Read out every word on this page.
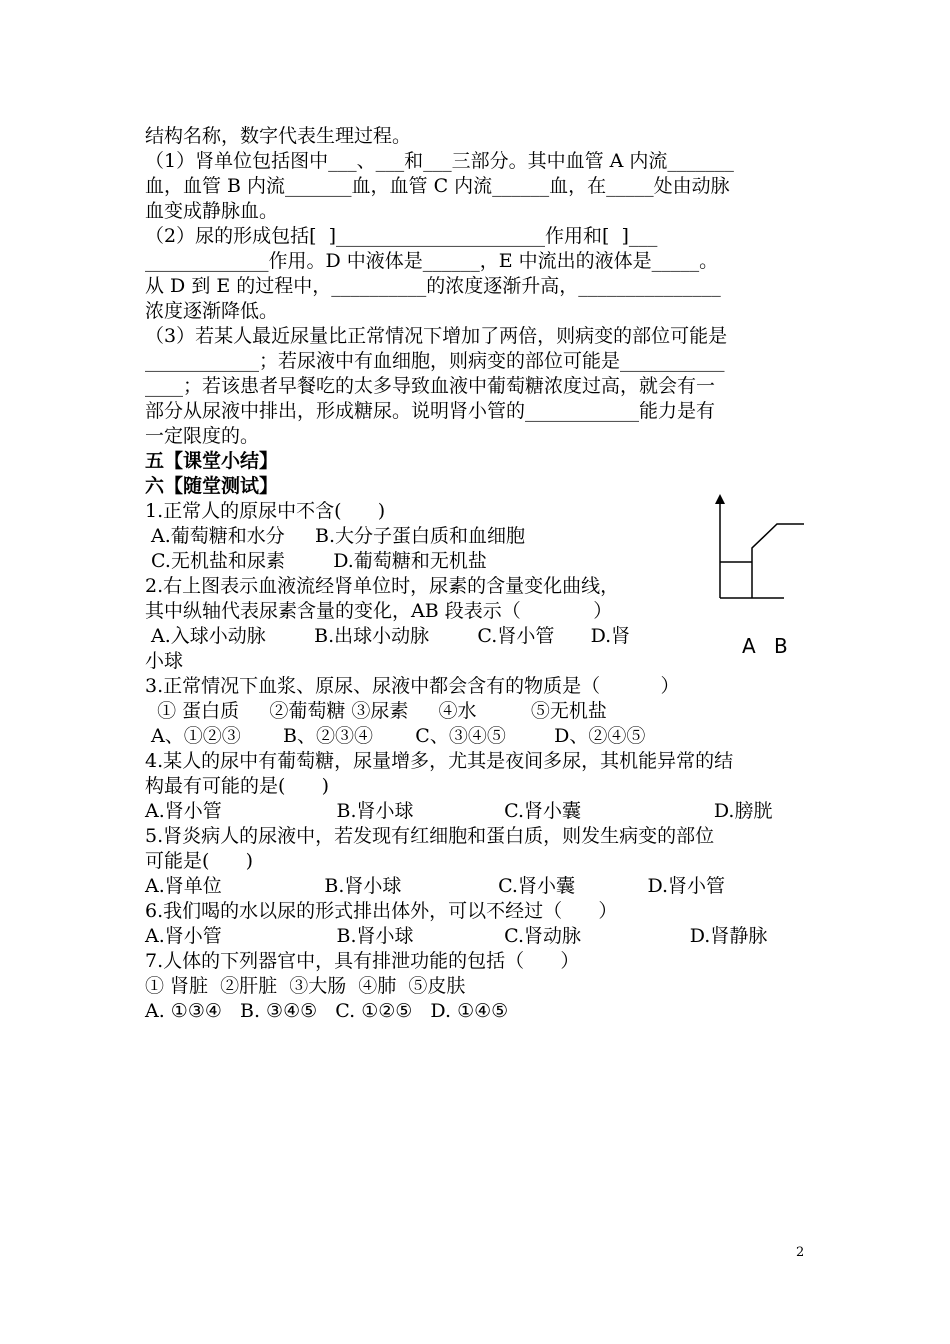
结构名称，数字代表生理过程。
（1）肾单位包括图中___、___和___三部分。其中血管 A 内流_______
血，血管 B 内流_______血，血管 C 内流______血，在_____处由动脉
血变成静脉血。
（2）尿的形成包括[  ]______________________作用和[  ]___
_____________作用。D 中液体是______，E 中流出的液体是_____。
从 D 到 E 的过程中，__________的浓度逐渐升高，_______________
浓度逐渐降低。
（3）若某人最近尿量比正常情况下增加了两倍，则病变的部位可能是
____________；若尿液中有血细胞，则病变的部位可能是___________
____；若该患者早餐吃的太多导致血液中葡萄糖浓度过高，就会有一
部分从尿液中排出，形成糖尿。说明肾小管的____________能力是有
一定限度的。
五【课堂小结】
六【随堂测试】
1.正常人的原尿中不含(      )
A.葡萄糖和水分     B.大分子蛋白质和血细胞
C.无机盐和尿素        D.葡萄糖和无机盐
2.右上图表示血液流经肾单位时，尿素的含量变化曲线，
其中纵轴代表尿素含量的变化，AB 段表示（            ）
A.入球小动脉        B.出球小动脉        C.肾小管      D.肾
小球
3.正常情况下血浆、原尿、尿液中都会含有的物质是（          ）
① 蛋白质     ②葡萄糖 ③尿素     ④水         ⑤无机盐
A、①②③       B、②③④       C、③④⑤        D、②④⑤
4.某人的尿中有葡萄糖，尿量增多，尤其是夜间多尿，其机能异常的结
构最有可能的是(      )
A.肾小管                   B.肾小球               C.肾小囊                      D.膀胱
5.肾炎病人的尿液中，若发现有红细胞和蛋白质，则发生病变的部位
可能是(      )
A.肾单位                 B.肾小球                C.肾小囊            D.肾小管
6.我们喝的水以尿的形式排出体外，可以不经过（      ）
A.肾小管                   B.肾小球               C.肾动脉                  D.肾静脉
7.人体的下列器官中，具有排泄功能的包括（      ）
① 肾脏  ②肝脏  ③大肠  ④肺  ⑤皮肤
A. ①③④   B. ③④⑤   C. ①②⑤   D. ①④⑤
A B
2
